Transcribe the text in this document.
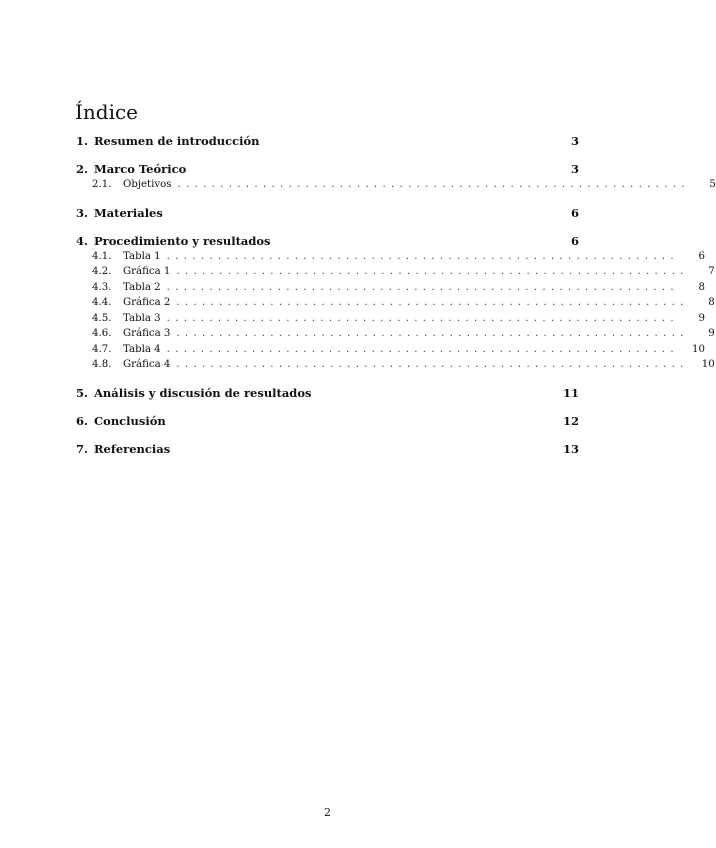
Índice
1. Resumen de introducción	3
2. Marco Teórico	3
2.1.	Objetivos ............................................................	5
3. Materiales	6
4. Procedimiento y resultados	6
4.1.	Tabla 1 ............................................................	6
4.2.	Gráfica 1 ............................................................	7
4.3.	Tabla 2 ............................................................	8
4.4.	Gráfica 2 ............................................................	8
4.5.	Tabla 3 ............................................................	9
4.6.	Gráfica 3 ............................................................	9
4.7.	Tabla 4 ............................................................	10
4.8.	Gráfica 4 ............................................................	10
5. Análisis y discusión de resultados	11
6. Conclusión	12
7. Referencias	13
2
